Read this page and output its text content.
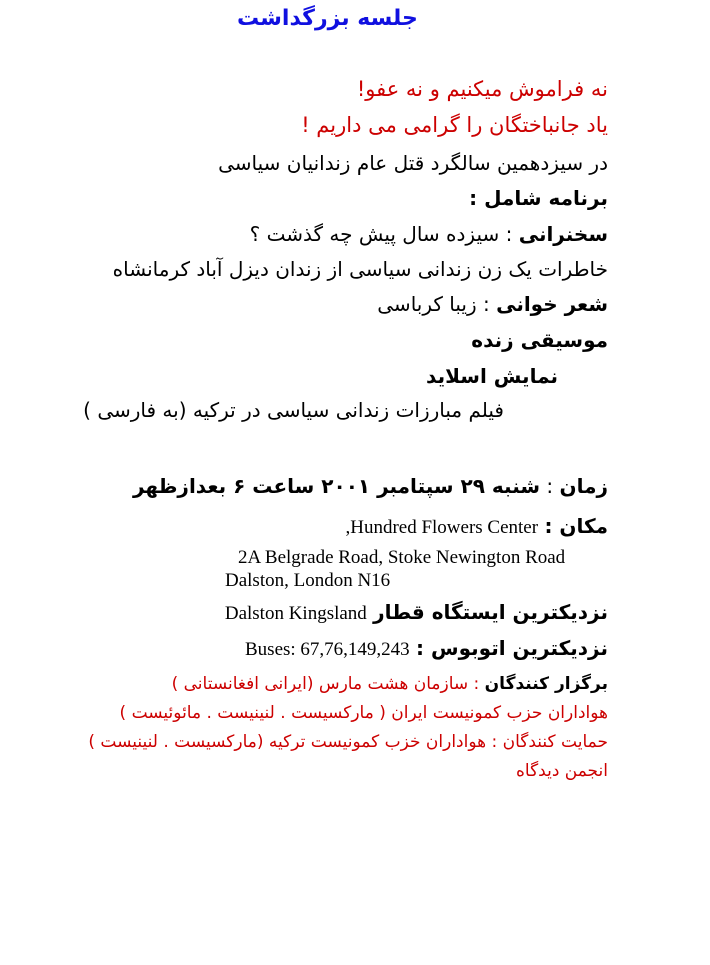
جلسه بزرگداشت
نه فراموش میکنیم و نه عفو!
یاد جانباختگان را گرامی می داریم !
در سیزدهمین سالگرد قتل عام زندانیان سیاسی
برنامه شامل :
سخنرانی : سیزده سال پیش چه گذشت ؟
خاطرات یک زن زندانی سیاسی از زندان دیزل آباد کرمانشاه
شعر خوانی : زیبا کرباسی
موسیقی زنده
نمایش اسلاید
فیلم مبارزات زندانی سیاسی در ترکیه (به فارسی )
زمان : شنبه ۲۹ سپتامبر ۲۰۰۱ ساعت ۶ بعدازظهر
مکان : Hundred Flowers Center,
2A Belgrade Road, Stoke Newington Road
Dalston, London N16
نزدیکترین ایستگاه قطار Dalston Kingsland
نزدیکترین اتوبوس : Buses: 67,76,149,243
برگزار کنندگان : سازمان هشت مارس (ایرانی افغانستانی )
هواداران حزب کمونیست ایران ( مارکسیست . لنینیست . مائوئیست )
حمایت کنندگان : هواداران خزب کمونیست ترکیه (مارکسیست . لنینیست )
انجمن دیدگاه
